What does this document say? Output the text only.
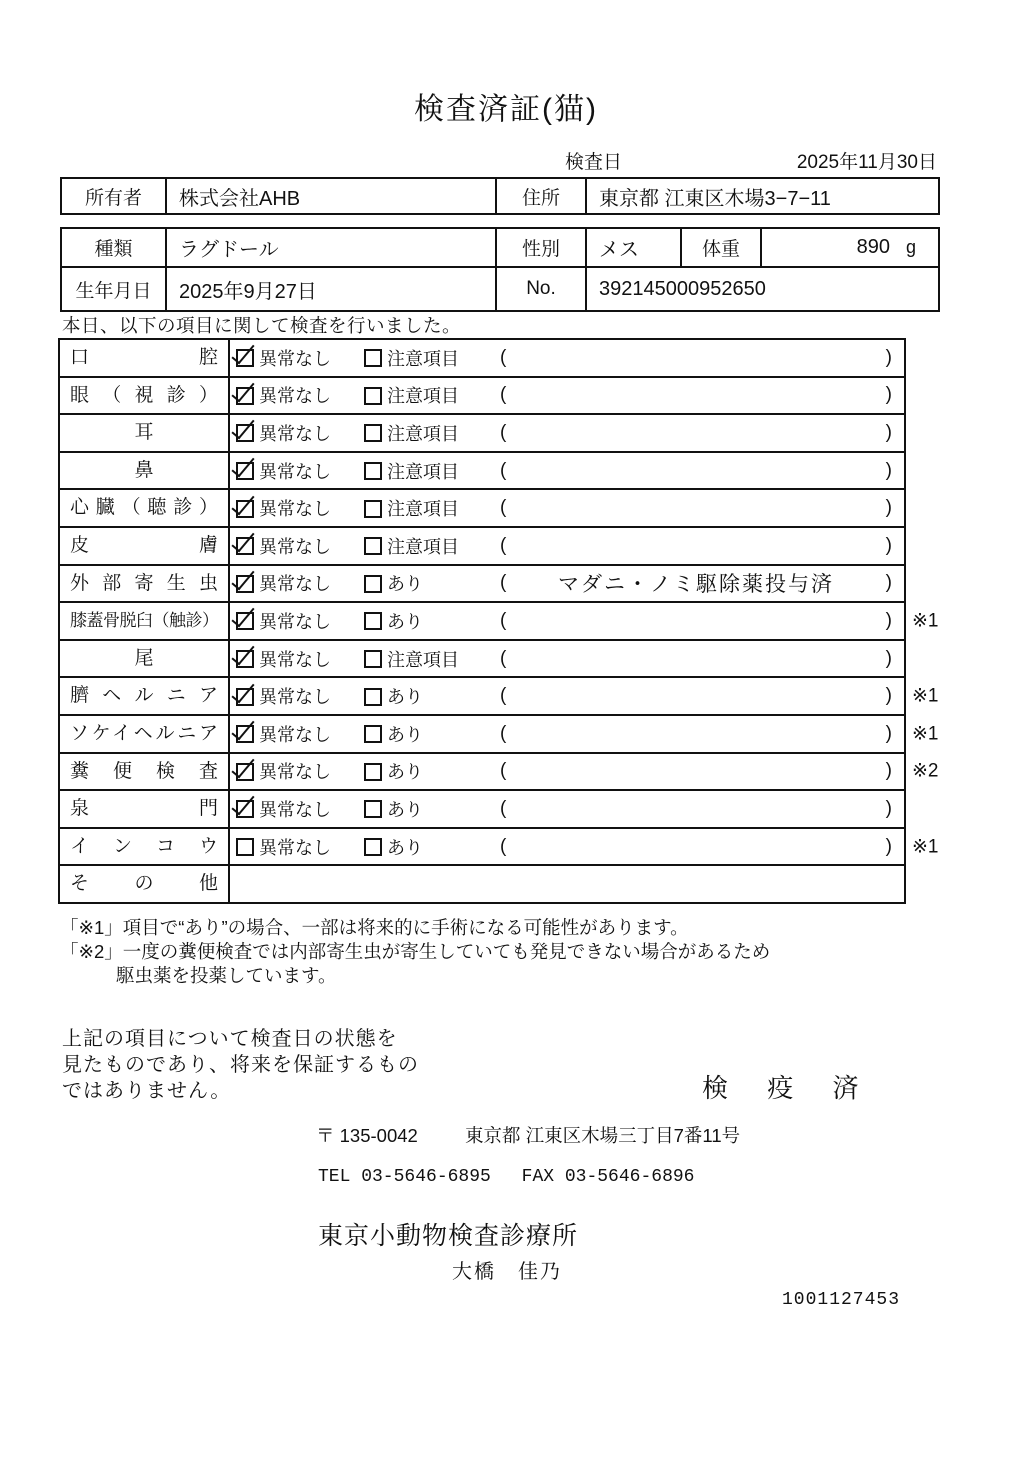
検査済証(猫)
検査日	2025年11月30日
所有者	株式会社AHB	住所	東京都 江東区木場3−7−11
種類	ラグドール	性別	メス	体重	890 g
生年月日	2025年9月27日	No.	392145000952650
本日、以下の項目に関して検査を行いました。
口腔	異常なし	注意項目 (	)
眼（視診）	異常なし	注意項目 (	)
耳	異常なし	注意項目 (	)
鼻	異常なし	注意項目 (	)
心臓（聴診）	異常なし	注意項目 (	)
皮膚	異常なし	注意項目 (	)
外部寄生虫	異常なし	あり	(	マダニ・ノミ駆除薬投与済	)
膝蓋骨脱臼（触診）	異常なし	あり	(	) ※1
尾	異常なし	注意項目 (	)
臍ヘルニア	異常なし	あり	(	) ※1
ソケイヘルニア	異常なし	あり	(	) ※1
糞便検査	異常なし	あり	(	) ※2
泉門	異常なし	あり	(	)
インコウ	異常なし	あり	(	) ※1
その他
「※1」項目で“あり”の場合、一部は将来的に手術になる可能性があります。
「※2」一度の糞便検査では内部寄生虫が寄生していても発見できない場合があるため
駆虫薬を投薬しています。
上記の項目について検査日の状態を
見たものであり、将来を保証するもの
ではありません。	検 疫 済
〒 135-0042	東京都 江東区木場三丁目7番11号
TEL 03-5646-6895 FAX 03-5646-6896
東京小動物検査診療所
大橋　佳乃
1001127453
